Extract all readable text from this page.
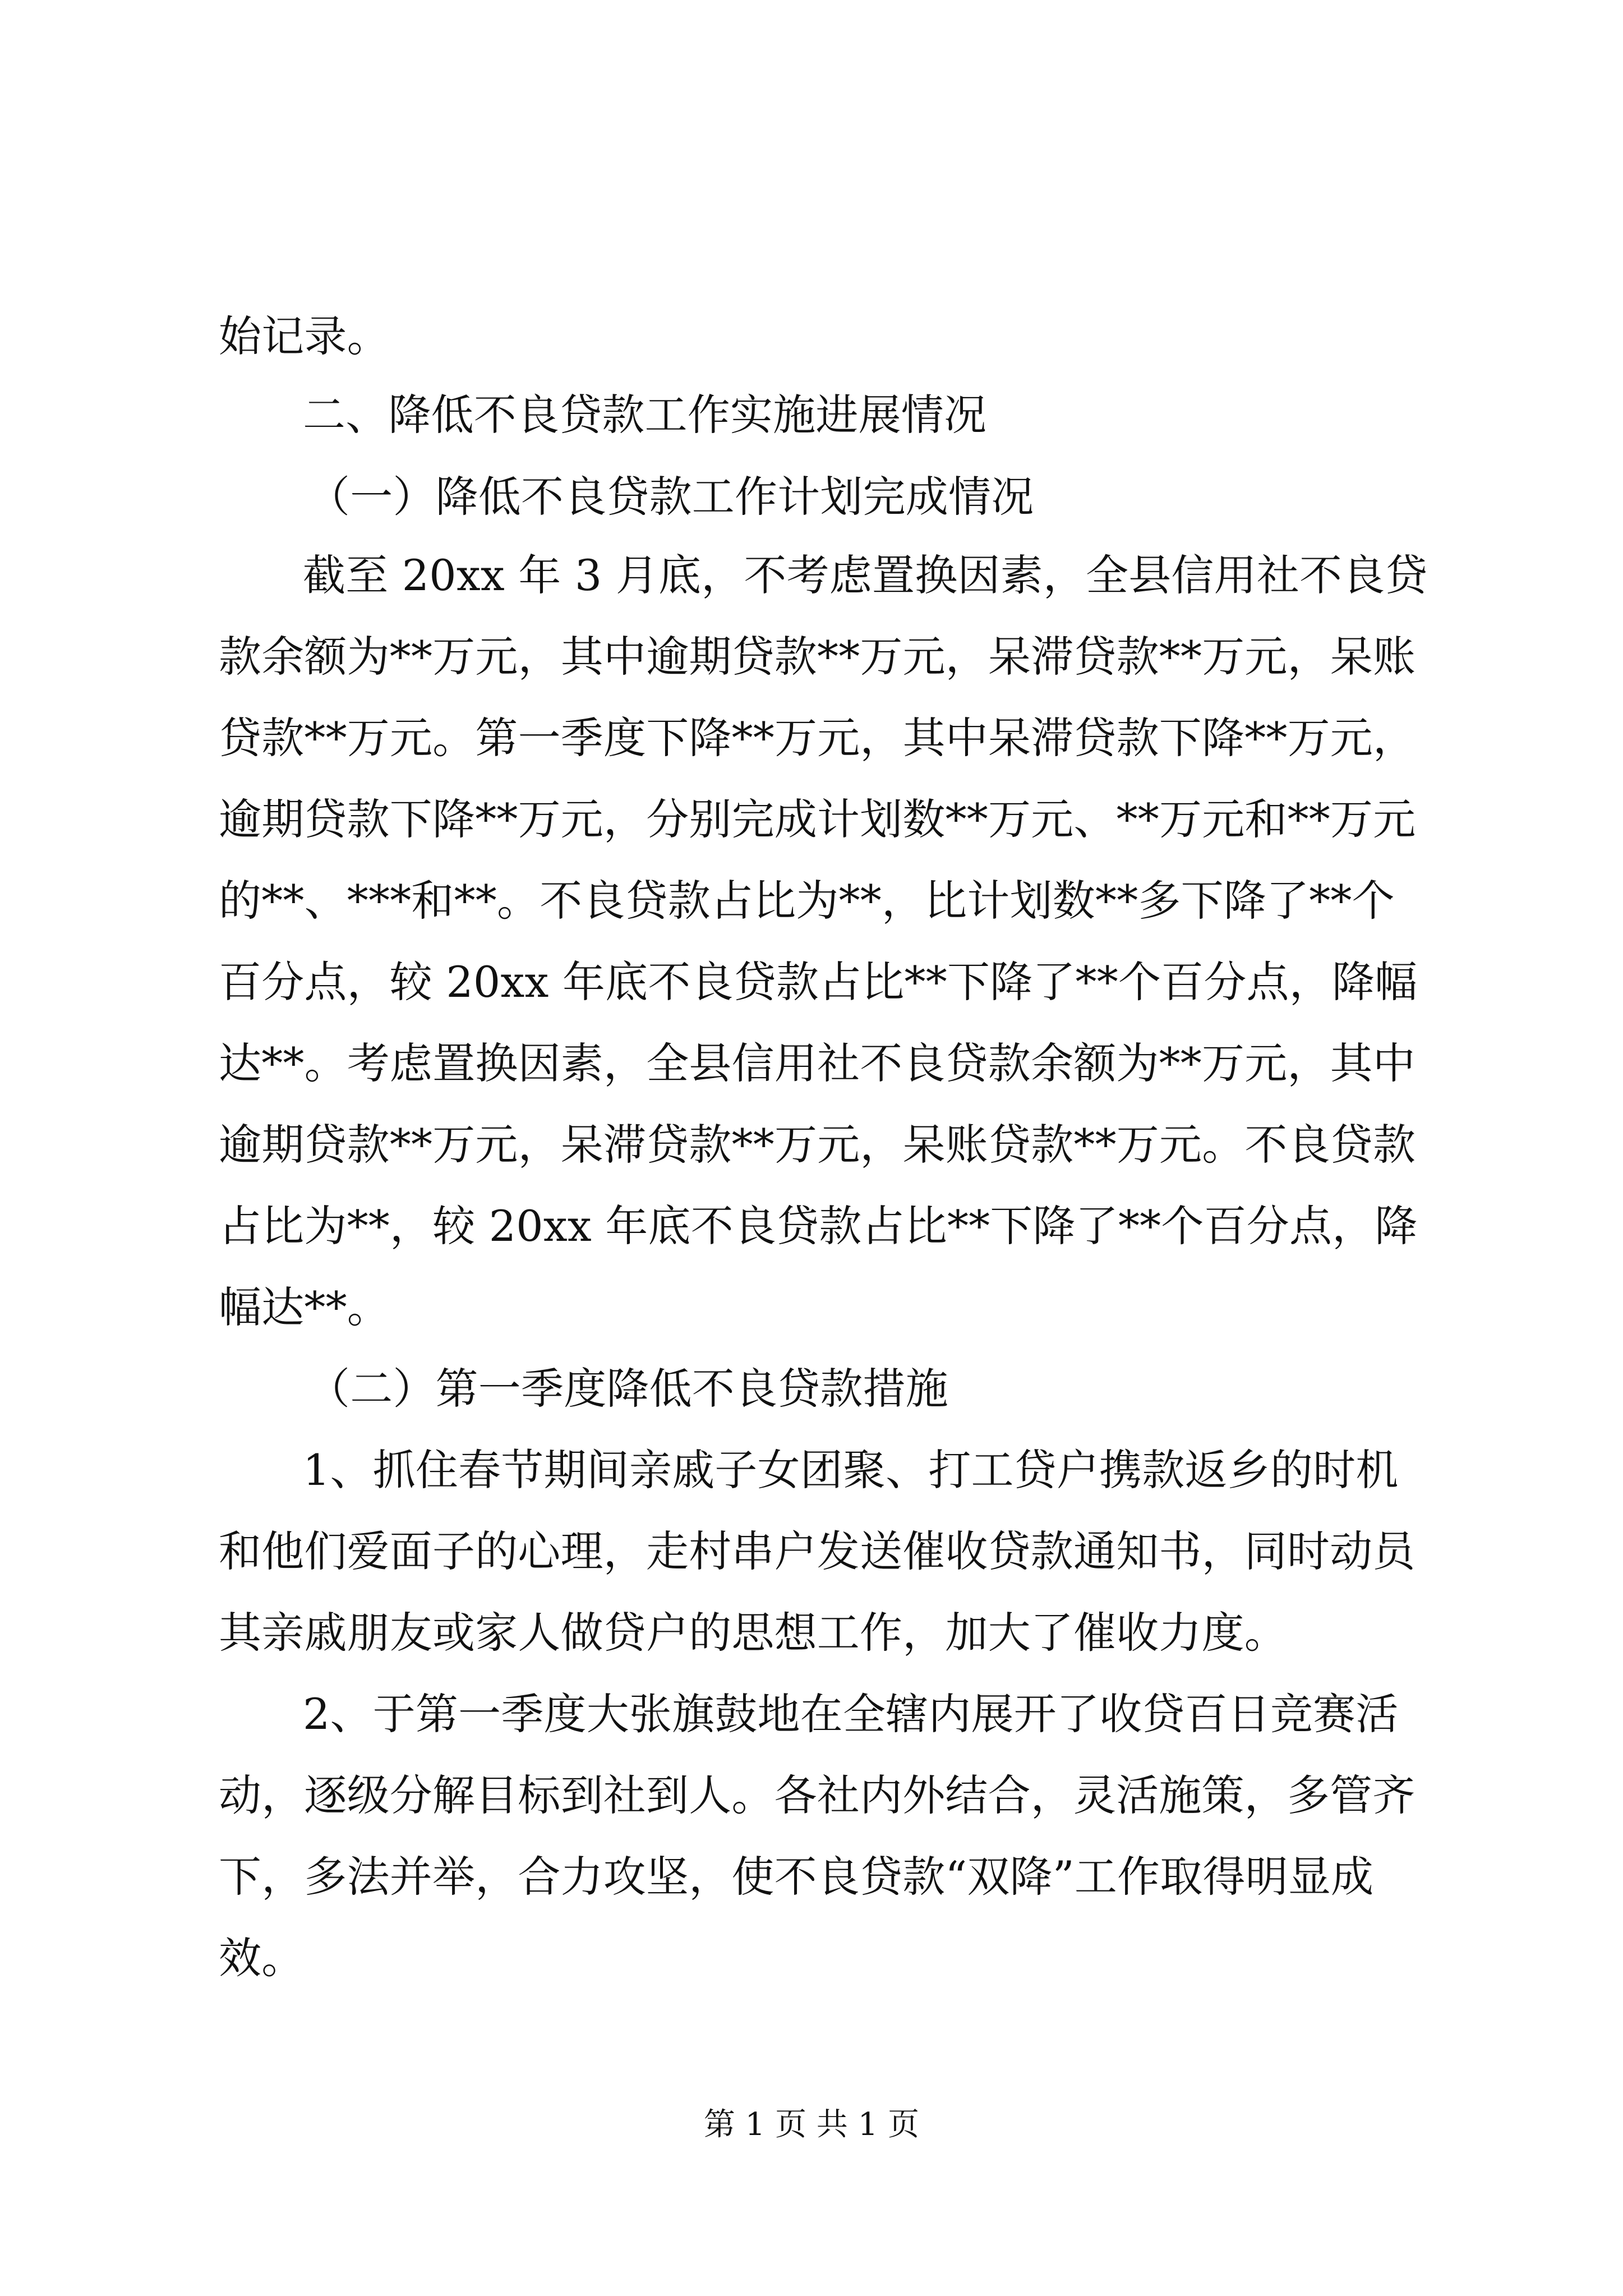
始记录。
二、降低不良贷款工作实施进展情况
（一）降低不良贷款工作计划完成情况
截至 20xx 年 3 月底，不考虑置换因素，全县信用社不良贷
款余额为**万元，其中逾期贷款**万元，呆滞贷款**万元，呆账
贷款**万元。第一季度下降**万元，其中呆滞贷款下降**万元，
逾期贷款下降**万元，分别完成计划数**万元、**万元和**万元
的**、***和**。不良贷款占比为**，比计划数**多下降了**个
百分点，较 20xx 年底不良贷款占比**下降了**个百分点，降幅
达**。考虑置换因素，全县信用社不良贷款余额为**万元，其中
逾期贷款**万元，呆滞贷款**万元，呆账贷款**万元。不良贷款
占比为**，较 20xx 年底不良贷款占比**下降了**个百分点，降
幅达**。
（二）第一季度降低不良贷款措施
1、抓住春节期间亲戚子女团聚、打工贷户携款返乡的时机
和他们爱面子的心理，走村串户发送催收贷款通知书，同时动员
其亲戚朋友或家人做贷户的思想工作，加大了催收力度。
2、于第一季度大张旗鼓地在全辖内展开了收贷百日竞赛活
动，逐级分解目标到社到人。各社内外结合，灵活施策，多管齐
下，多法并举，合力攻坚，使不良贷款“双降”工作取得明显成
效。
第 1 页 共 1 页
